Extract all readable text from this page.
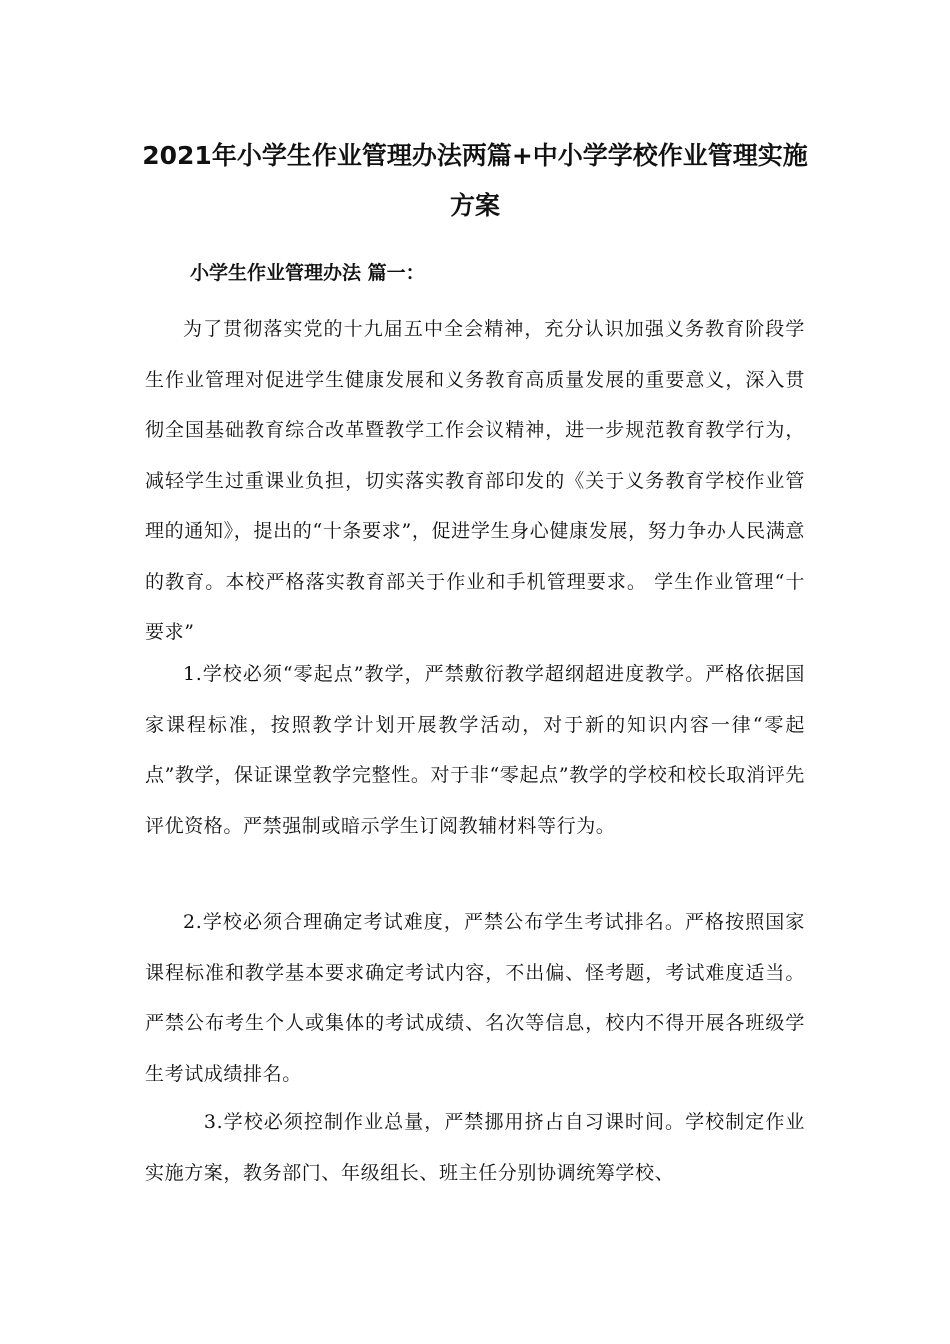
2021年小学生作业管理办法两篇+中小学学校作业管理实施方案
小学生作业管理办法 篇一：

为了贯彻落实党的十九届五中全会精神，充分认识加强义务教育阶段学生作业管理对促进学生健康发展和义务教育高质量发展的重要意义，深入贯彻全国基础教育综合改革暨教学工作会议精神，进一步规范教育教学行为，减轻学生过重课业负担，切实落实教育部印发的《关于义务教育学校作业管理的通知》，提出的“十条要求”，促进学生身心健康发展，努力争办人民满意的教育。本校严格落实教育部关于作业和手机管理要求。 学生作业管理“十要求”

1.学校必须“零起点”教学，严禁敷衍教学超纲超进度教学。严格依据国家课程标准，按照教学计划开展教学活动，对于新的知识内容一律“零起点”教学，保证课堂教学完整性。对于非“零起点”教学的学校和校长取消评先评优资格。严禁强制或暗示学生订阅教辅材料等行为。

2.学校必须合理确定考试难度，严禁公布学生考试排名。严格按照国家课程标准和教学基本要求确定考试内容，不出偏、怪考题，考试难度适当。严禁公布考生个人或集体的考试成绩、名次等信息，校内不得开展各班级学生考试成绩排名。

3.学校必须控制作业总量，严禁挪用挤占自习课时间。学校制定作业实施方案，教务部门、年级组长、班主任分别协调统筹学校、
